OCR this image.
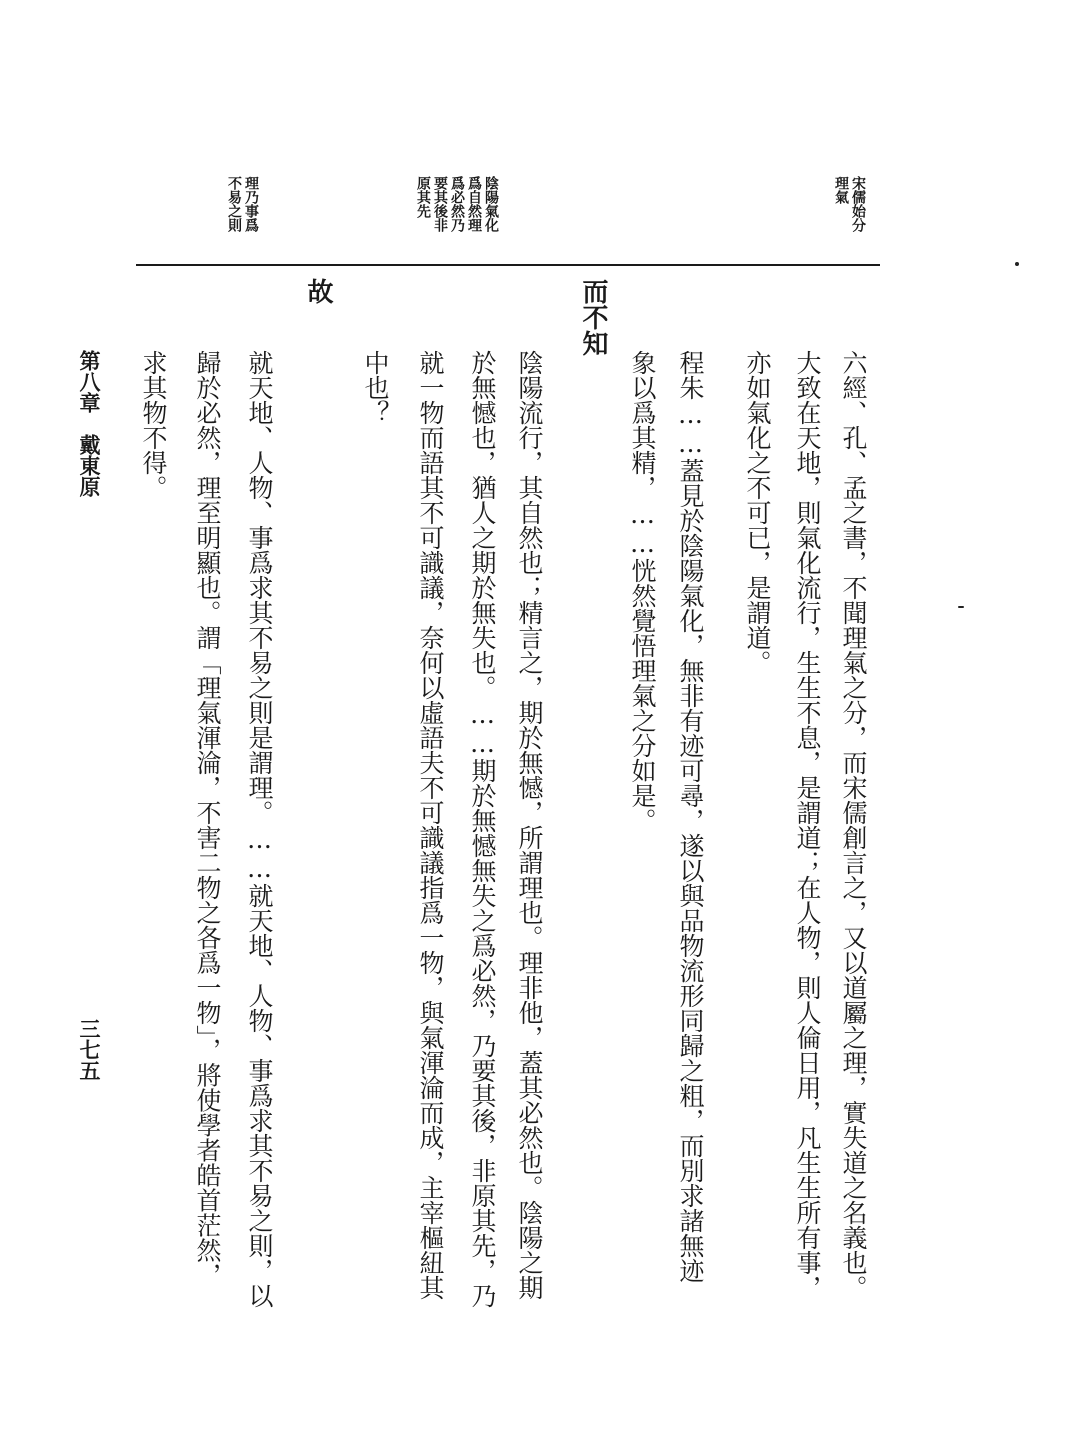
宋儒始分
理氣
陰陽氣化
爲自然理
爲必然乃
要其後非
原其先
理乃事爲
不易之則
而不知
故
六經、孔、孟之書，不聞理氣之分，而宋儒創言之，又以道屬之理，實失道之名義也。
大致在天地，則氣化流行，生生不息，是謂道；在人物，則人倫日用，凡生生所有事，
亦如氣化之不可已，是謂道。
程朱……蓋見於陰陽氣化，無非有迹可尋，遂以與品物流形同歸之粗，而別求諸無迹
象以爲其精，……恍然覺悟理氣之分如是。
陰陽流行，其自然也；精言之，期於無憾，所謂理也。理非他，蓋其必然也。陰陽之期
於無憾也，猶人之期於無失也。……期於無憾無失之爲必然，乃要其後，非原其先，乃
就一物而語其不可識議，奈何以虛語夫不可識議指爲一物，與氣渾淪而成，主宰樞紐其
中也？
就天地、人物、事爲求其不易之則是謂理。……就天地、人物、事爲求其不易之則，以
歸於必然，理至明顯也。謂「理氣渾淪，不害二物之各爲一物」，將使學者皓首茫然，
求其物不得。
第八章　戴東原
三七五
